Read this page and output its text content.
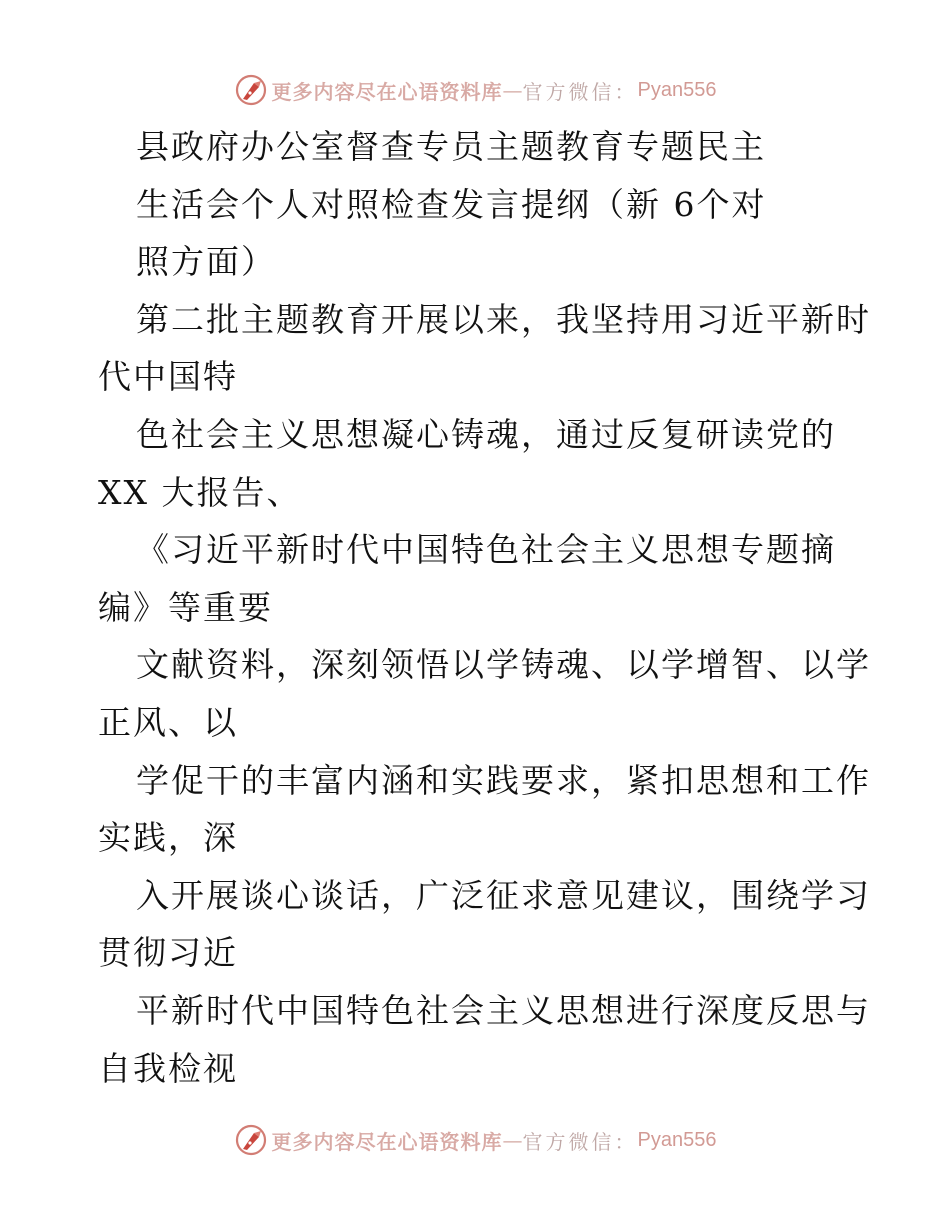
更多内容尽在心语资料库 — 官方微信： Pyan556
县政府办公室督查专员主题教育专题民主
生活会个人对照检查发言提纲（新 6个对
照方面）
第二批主题教育开展以来，我坚持用习近平新时
代中国特
色社会主义思想凝心铸魂，通过反复研读党的
XX 大报告、
《习近平新时代中国特色社会主义思想专题摘
编》等重要
文献资料，深刻领悟以学铸魂、以学增智、以学
正风、以
学促干的丰富内涵和实践要求，紧扣思想和工作
实践，深
入开展谈心谈话，广泛征求意见建议，围绕学习
贯彻习近
平新时代中国特色社会主义思想进行深度反思与
自我检视
更多内容尽在心语资料库 — 官方微信： Pyan556
